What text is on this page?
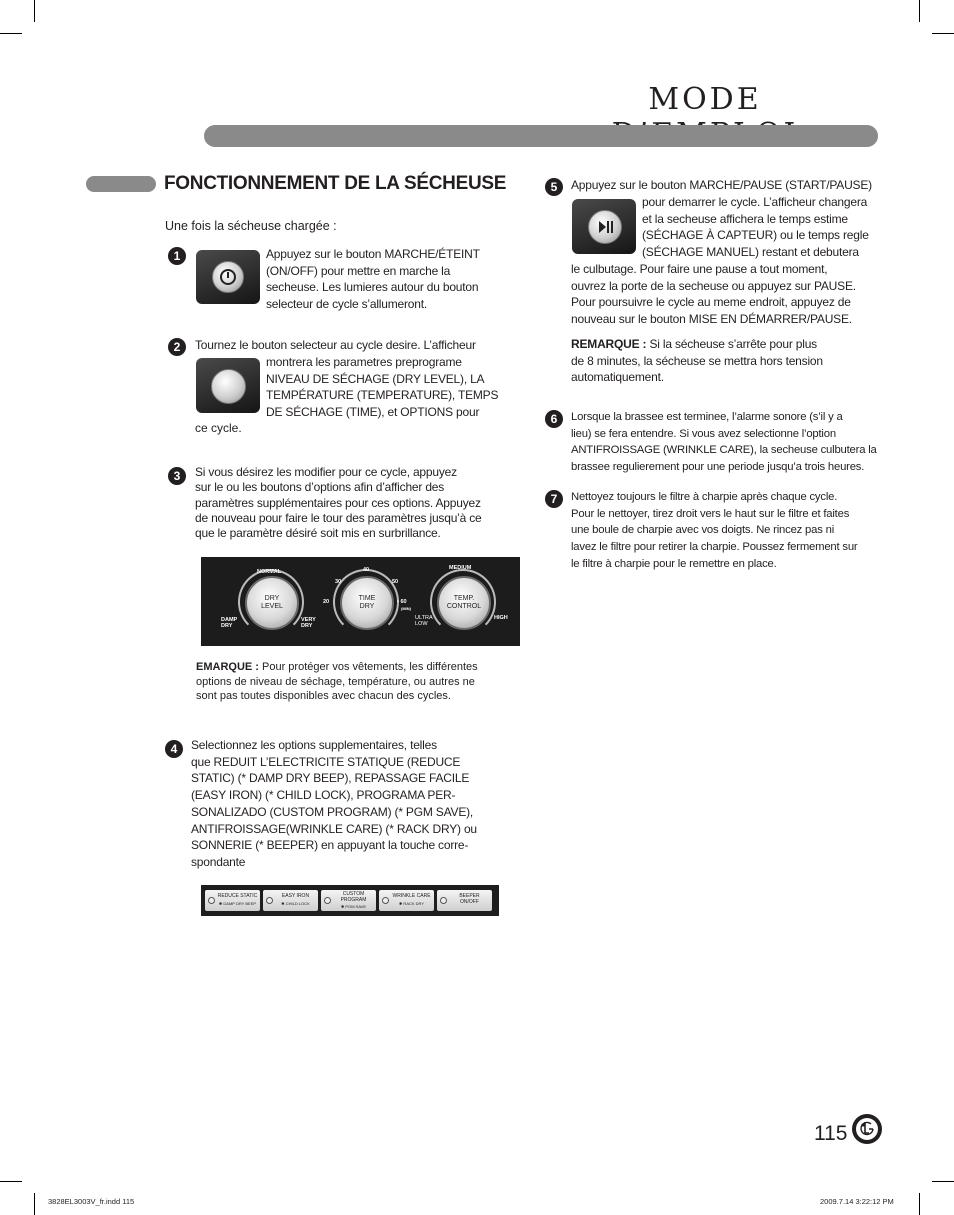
MODE
FONCTIONNEMENT DE LA SÉCHEUSE
Une fois la sécheuse chargée :
1	Appuyez sur le bouton MARCHE/ÉTEINT
(ON/OFF) pour mettre en marche la
secheuse. Les lumieres autour du bouton
selecteur de cycle s’allumeront.
2	Tournez le bouton selecteur au cycle desire. L’afficheur
montrera les parametres preprograme
NIVEAU DE SÉCHAGE (DRY LEVEL), LA
TEMPÉRATURE (TEMPERATURE), TEMPS
DE SÉCHAGE (TIME), et OPTIONS pour
ce cycle.
3	Si vous désirez les modifier pour ce cycle, appuyez
sur le ou les boutons d’options afin d’afficher des
paramètres supplémentaires pour ces options. Appuyez
de nouveau pour faire le tour des paramètres jusqu’à ce
que le paramètre désiré soit mis en surbrillance.
DRY
LEVEL
TIME
DRY
TEMP.
CONTROL
NORMAL
DAMP
DRY
VERY
DRY
20
30
40
50
• 60
(MIN)
MEDIUM
ULTRA
LOW
HIGH
EMARQUE : Pour protéger vos vêtements, les différentes
options de niveau de séchage, température, ou autres ne
sont pas toutes disponibles avec chacun des cycles.
4	Selectionnez les options supplementaires, telles
que REDUIT L’ELECTRICITE STATIQUE (REDUCE
STATIC) (* DAMP DRY BEEP), REPASSAGE FACILE
(EASY IRON) (* CHILD LOCK), PROGRAMA PER-
SONALIZADO (CUSTOM PROGRAM) (* PGM SAVE),
ANTIFROISSAGE(WRINKLE CARE) (* RACK DRY) ou
SONNERIE (* BEEPER) en appuyant la touche corre-
spondante
REDUCE STATIC
✱ DAMP DRY BEEP
EASY IRON
✱ CHILD LOCK
CUSTOM
PROGRAM
✱ PGM SAVE
WRINKLE CARE
✱ RACK DRY
BEEPER
ON/OFF
5	Appuyez sur le bouton MARCHE/PAUSE (START/PAUSE)
pour demarrer le cycle. L’afficheur changera
et la secheuse affichera le temps estime
(SÉCHAGE À CAPTEUR) ou le temps regle
(SÉCHAGE MANUEL) restant et debutera
le culbutage. Pour faire une pause a tout moment,
ouvrez la porte de la secheuse ou appuyez sur PAUSE.
Pour poursuivre le cycle au meme endroit, appuyez de
nouveau sur le bouton MISE EN DÉMARRER/PAUSE.
REMARQUE : Si la sécheuse s’arrête pour plus
de 8 minutes, la sécheuse se mettra hors tension
automatiquement.
6	Lorsque la brassee est terminee, l’alarme sonore (s’il y a
lieu) se fera entendre. Si vous avez selectionne l’option
ANTIFROISSAGE (WRINKLE CARE), la secheuse culbutera la
brassee regulierement pour une periode jusqu’a trois heures.
7	Nettoyez toujours le filtre à charpie après chaque cycle.
Pour le nettoyer, tirez droit vers le haut sur le filtre et faites
une boule de charpie avec vos doigts. Ne rincez pas ni
lavez le filtre pour retirer la charpie. Poussez fermement sur
le filtre à charpie pour le remettre en place.
115
3828EL3003V_fr.indd 115	2009.7.14 3:22:12 PM
